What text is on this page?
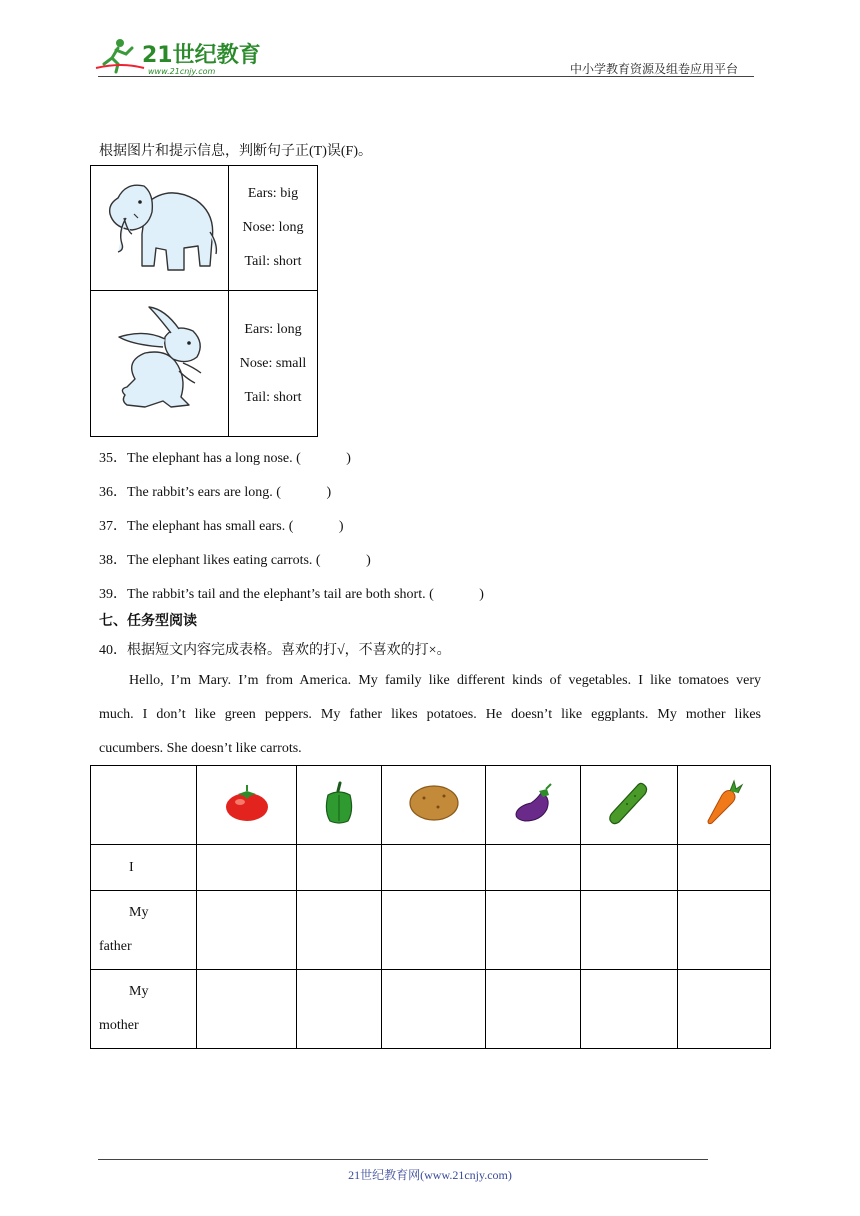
21世纪教育
www.21cnjy.com	中小学教育资源及组卷应用平台
根据图片和提示信息，判断句子正(T)误(F)。
	Ears: big
Nose: long
Tail: short
	Ears: long
Nose: small
Tail: short
35．The elephant has a long nose. (             )
36．The rabbit’s ears are long. (             )
37．The elephant has small ears. (             )
38．The elephant likes eating carrots. (             )
39．The rabbit’s tail and the elephant’s tail are both short. (             )
七、任务型阅读
40．根据短文内容完成表格。喜欢的打√，不喜欢的打×。
Hello, I’m Mary. I’m from America. My family like different kinds of vegetables. I like tomatoes very
much. I don’t like green peppers. My father likes potatoes. He doesn’t like eggplants. My mother likes
cucumbers. She doesn’t like carrots.

I						

My
father						

My
mother						

21世纪教育网(www.21cnjy.com)
